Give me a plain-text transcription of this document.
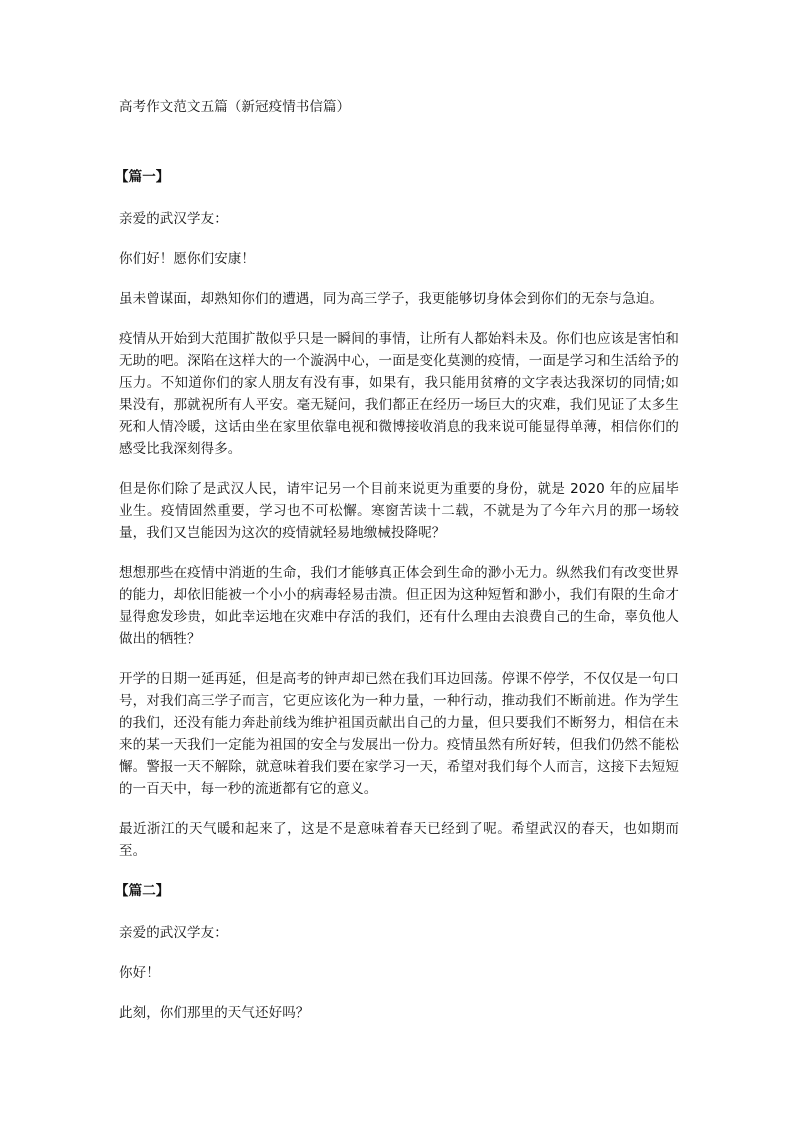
高考作文范文五篇（新冠疫情书信篇）
【篇一】

亲爱的武汉学友：

你们好！愿你们安康！

虽未曾谋面，却熟知你们的遭遇，同为高三学子，我更能够切身体会到你们的无奈与急迫。

疫情从开始到大范围扩散似乎只是一瞬间的事情，让所有人都始料未及。你们也应该是害怕和无助的吧。深陷在这样大的一个漩涡中心，一面是变化莫测的疫情，一面是学习和生活给予的压力。不知道你们的家人朋友有没有事，如果有，我只能用贫瘠的文字表达我深切的同情;如果没有，那就祝所有人平安。毫无疑问，我们都正在经历一场巨大的灾难，我们见证了太多生死和人情冷暖，这话由坐在家里依靠电视和微博接收消息的我来说可能显得单薄，相信你们的感受比我深刻得多。

但是你们除了是武汉人民，请牢记另一个目前来说更为重要的身份，就是 2020 年的应届毕业生。疫情固然重要，学习也不可松懈。寒窗苦读十二载，不就是为了今年六月的那一场较量，我们又岂能因为这次的疫情就轻易地缴械投降呢？

想想那些在疫情中消逝的生命，我们才能够真正体会到生命的渺小无力。纵然我们有改变世界的能力，却依旧能被一个小小的病毒轻易击溃。但正因为这种短暂和渺小，我们有限的生命才显得愈发珍贵，如此幸运地在灾难中存活的我们，还有什么理由去浪费自己的生命，辜负他人做出的牺牲？

开学的日期一延再延，但是高考的钟声却已然在我们耳边回荡。停课不停学，不仅仅是一句口号，对我们高三学子而言，它更应该化为一种力量，一种行动，推动我们不断前进。作为学生的我们，还没有能力奔赴前线为维护祖国贡献出自己的力量，但只要我们不断努力，相信在未来的某一天我们一定能为祖国的安全与发展出一份力。疫情虽然有所好转，但我们仍然不能松懈。警报一天不解除，就意味着我们要在家学习一天，希望对我们每个人而言，这接下去短短的一百天中，每一秒的流逝都有它的意义。

最近浙江的天气暖和起来了，这是不是意味着春天已经到了呢。希望武汉的春天，也如期而至。

【篇二】

亲爱的武汉学友：

你好！

此刻，你们那里的天气还好吗？
